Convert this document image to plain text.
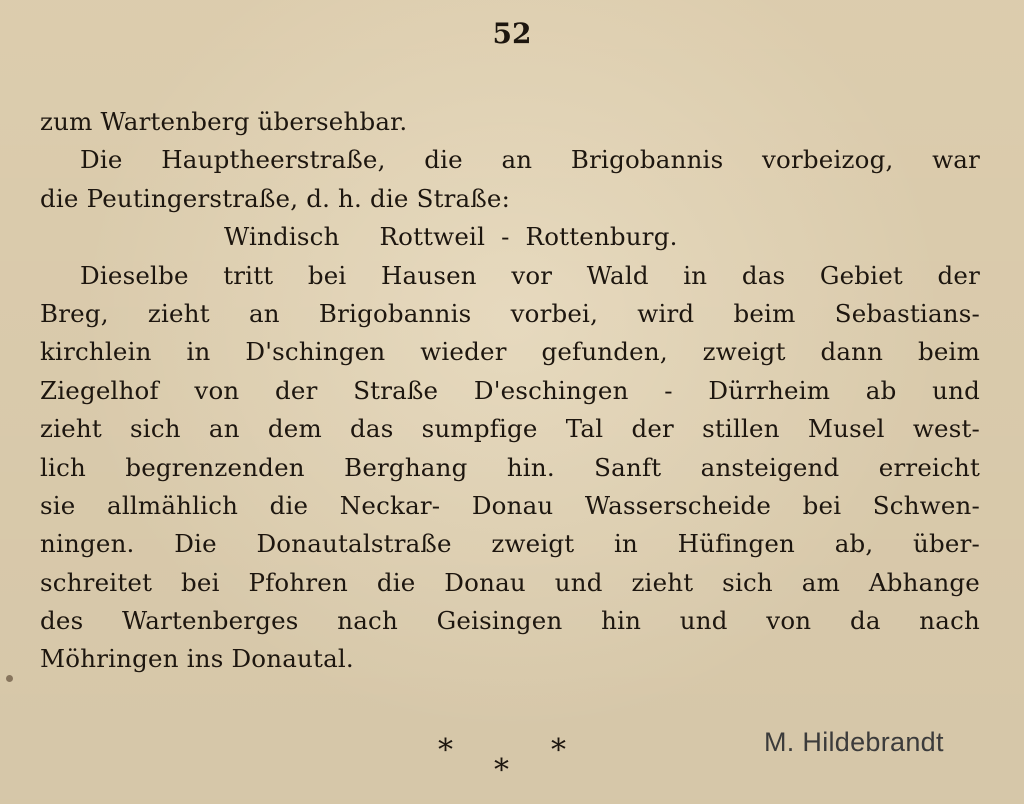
52
zum Wartenberg übersehbar.
Die Hauptheerstraße, die an Brigobannis vorbeizog, war
die Peutingerstraße, d. h. die Straße:
Windisch     Rottweil  -  Rottenburg.
Dieselbe tritt bei Hausen vor Wald in das Gebiet der
Breg, zieht an Brigobannis vorbei, wird beim Sebastians-
kirchlein in D'schingen wieder gefunden, zweigt dann beim
Ziegelhof von der Straße D'eschingen - Dürrheim ab und
zieht sich an dem das sumpfige Tal der stillen Musel west-
lich begrenzenden Berghang hin. Sanft ansteigend erreicht
sie allmählich die Neckar- Donau Wasserscheide bei Schwen-
ningen. Die Donautalstraße zweigt in Hüfingen ab, über-
schreitet bei Pfohren die Donau und zieht sich am Abhange
des Wartenberges nach Geisingen hin und von da nach
Möhringen ins Donautal.
*	*
*
M. Hildebrandt
